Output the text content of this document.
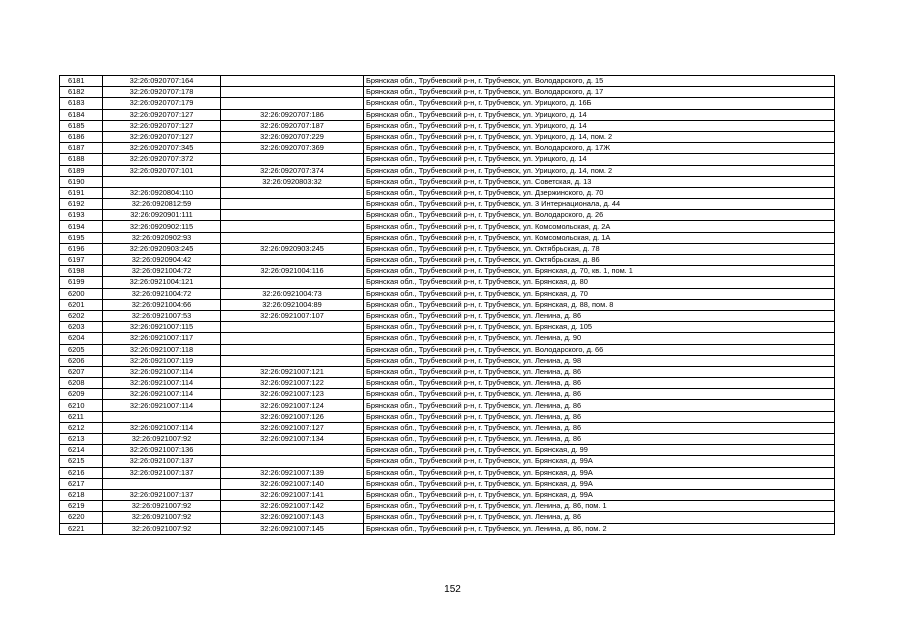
6181	32:26:0920707:164		Брянская обл., Трубчевский р-н, г. Трубчевск, ул. Володарского, д. 15
6182	32:26:0920707:178		Брянская обл., Трубчевский р-н, г. Трубчевск, ул. Володарского, д. 17
6183	32:26:0920707:179		Брянская обл., Трубчевский р-н, г. Трубчевск, ул. Урицкого, д. 16Б
6184	32:26:0920707:127	32:26:0920707:186	Брянская обл., Трубчевский р-н, г. Трубчевск, ул. Урицкого, д. 14
6185	32:26:0920707:127	32:26:0920707:187	Брянская обл., Трубчевский р-н, г. Трубчевск, ул. Урицкого, д. 14
6186	32:26:0920707:127	32:26:0920707:229	Брянская обл., Трубчевский р-н, г. Трубчевск, ул. Урицкого, д. 14, пом. 2
6187	32:26:0920707:345	32:26:0920707:369	Брянская обл., Трубчевский р-н, г. Трубчевск, ул. Володарского, д. 17Ж
6188	32:26:0920707:372		Брянская обл., Трубчевский р-н, г. Трубчевск, ул. Урицкого, д. 14
6189	32:26:0920707:101	32:26:0920707:374	Брянская обл., Трубчевский р-н, г. Трубчевск, ул. Урицкого, д. 14, пом. 2
6190		32:26:0920803:32	Брянская обл., Трубчевский р-н, г. Трубчевск, ул. Советская, д. 13
6191	32:26:0920804:110		Брянская обл., Трубчевский р-н, г. Трубчевск, ул. Дзержинского, д. 70
6192	32:26:0920812:59		Брянская обл., Трубчевский р-н, г. Трубчевск, ул. 3 Интернационала, д. 44
6193	32:26:0920901:111		Брянская обл., Трубчевский р-н, г. Трубчевск, ул. Володарского, д. 26
6194	32:26:0920902:115		Брянская обл., Трубчевский р-н, г. Трубчевск, ул. Комсомольская, д. 2А
6195	32:26:0920902:93		Брянская обл., Трубчевский р-н, г. Трубчевск, ул. Комсомольская, д. 1А
6196	32:26:0920903:245	32:26:0920903:245	Брянская обл., Трубчевский р-н, г. Трубчевск, ул. Октябрьская, д. 78
6197	32:26:0920904:42		Брянская обл., Трубчевский р-н, г. Трубчевск, ул. Октябрьская, д. 86
6198	32:26:0921004:72	32:26:0921004:116	Брянская обл., Трубчевский р-н, г. Трубчевск, ул. Брянская, д. 70, кв. 1, пом. 1
6199	32:26:0921004:121		Брянская обл., Трубчевский р-н, г. Трубчевск, ул. Брянская, д. 80
6200	32:26:0921004:72	32:26:0921004:73	Брянская обл., Трубчевский р-н, г. Трубчевск, ул. Брянская, д. 70
6201	32:26:0921004:66	32:26:0921004:89	Брянская обл., Трубчевский р-н, г. Трубчевск, ул. Брянская, д. 88, пом. 8
6202	32:26:0921007:53	32:26:0921007:107	Брянская обл., Трубчевский р-н, г. Трубчевск, ул. Ленина, д. 86
6203	32:26:0921007:115		Брянская обл., Трубчевский р-н, г. Трубчевск, ул. Брянская, д. 105
6204	32:26:0921007:117		Брянская обл., Трубчевский р-н, г. Трубчевск, ул. Ленина, д. 90
6205	32:26:0921007:118		Брянская обл., Трубчевский р-н, г. Трубчевск, ул. Володарского, д. 66
6206	32:26:0921007:119		Брянская обл., Трубчевский р-н, г. Трубчевск, ул. Ленина, д. 98
6207	32:26:0921007:114	32:26:0921007:121	Брянская обл., Трубчевский р-н, г. Трубчевск, ул. Ленина, д. 86
6208	32:26:0921007:114	32:26:0921007:122	Брянская обл., Трубчевский р-н, г. Трубчевск, ул. Ленина, д. 86
6209	32:26:0921007:114	32:26:0921007:123	Брянская обл., Трубчевский р-н, г. Трубчевск, ул. Ленина, д. 86
6210	32:26:0921007:114	32:26:0921007:124	Брянская обл., Трубчевский р-н, г. Трубчевск, ул. Ленина, д. 86
6211		32:26:0921007:126	Брянская обл., Трубчевский р-н, г. Трубчевск, ул. Ленина, д. 86
6212	32:26:0921007:114	32:26:0921007:127	Брянская обл., Трубчевский р-н, г. Трубчевск, ул. Ленина, д. 86
6213	32:26:0921007:92	32:26:0921007:134	Брянская обл., Трубчевский р-н, г. Трубчевск, ул. Ленина, д. 86
6214	32:26:0921007:136		Брянская обл., Трубчевский р-н, г. Трубчевск, ул. Брянская, д. 99
6215	32:26:0921007:137		Брянская обл., Трубчевский р-н, г. Трубчевск, ул. Брянская, д. 99А
6216	32:26:0921007:137	32:26:0921007:139	Брянская обл., Трубчевский р-н, г. Трубчевск, ул. Брянская, д. 99А
6217		32:26:0921007:140	Брянская обл., Трубчевский р-н, г. Трубчевск, ул. Брянская, д. 99А
6218	32:26:0921007:137	32:26:0921007:141	Брянская обл., Трубчевский р-н, г. Трубчевск, ул. Брянская, д. 99А
6219	32:26:0921007:92	32:26:0921007:142	Брянская обл., Трубчевский р-н, г. Трубчевск, ул. Ленина, д. 86, пом. 1
6220	32:26:0921007:92	32:26:0921007:143	Брянская обл., Трубчевский р-н, г. Трубчевск, ул. Ленина, д. 86
6221	32:26:0921007:92	32:26:0921007:145	Брянская обл., Трубчевский р-н, г. Трубчевск, ул. Ленина, д. 86, пом. 2
152
